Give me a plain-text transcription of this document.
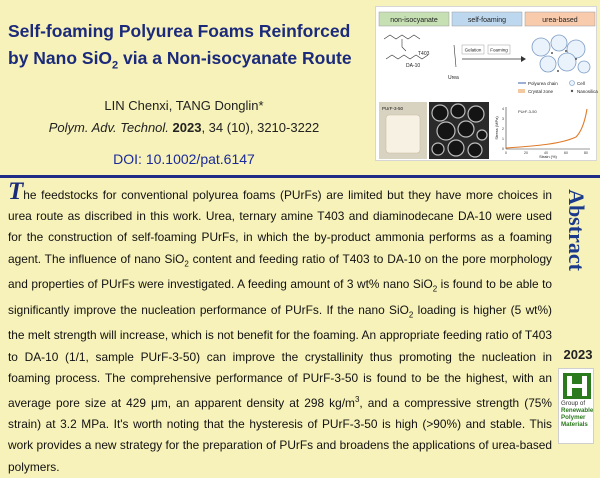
Self-foaming Polyurea Foams Reinforced
by Nano SiO$_2$ via a Non-isocyanate Route
LIN Chenxi, TANG Donglin*
Polym. Adv. Technol. 2023, 34 (10), 3210-3222
DOI: 10.1002/pat.6147
non-isocyanate	self-foaming	urea-based
T403
DA-10
Urea
Gelation Foaming
Polyurea chain	Cell
Crystal zone	Nanosilica
PUrF-3-50
PUrF-3-50
Stress (MPa)
Strain (%)
0
1
2
3
4
0	20	40	60	80
The feedstocks for conventional polyurea foams (PUrFs) are limited but they have more choices in urea route as discribed in this work. Urea, ternary amine T403 and diaminodecane DA-10 were used for the construction of self-foaming PUrFs, in which the by-product ammonia performs as a foaming agent. The influence of nano SiO$_2$ content and feeding ratio of T403 to DA-10 on the pore morphology and properties of PUrFs were investigated. A feeding amount of 3 wt% nano SiO$_2$ is found to be able to significantly improve the nucleation performance of PUrFs. If the nano SiO$_2$ loading is higher (5 wt%) the melt strength will increase, which is not benefit for the foaming. An appropriate feeding ratio of T403 to DA-10 (1/1, sample PUrF-3-50) can improve the crystallinity thus promoting the nucleation in foaming process. The comprehensive performance of PUrF-3-50 is found to be the highest, with an average pore size at 429 μm, an apparent density at 298 $kg/m^3$, and a compressive strength (75% strain) at 3.2 MPa. It's worth noting that the hysteresis of PUrF-3-50 is high (>90%) and stable. This work provides a new strategy for the preparation of PUrFs and broadens the applications of urea-based polymers.
Abstract
2023
Group of
Renewable
Polymer
Materials
